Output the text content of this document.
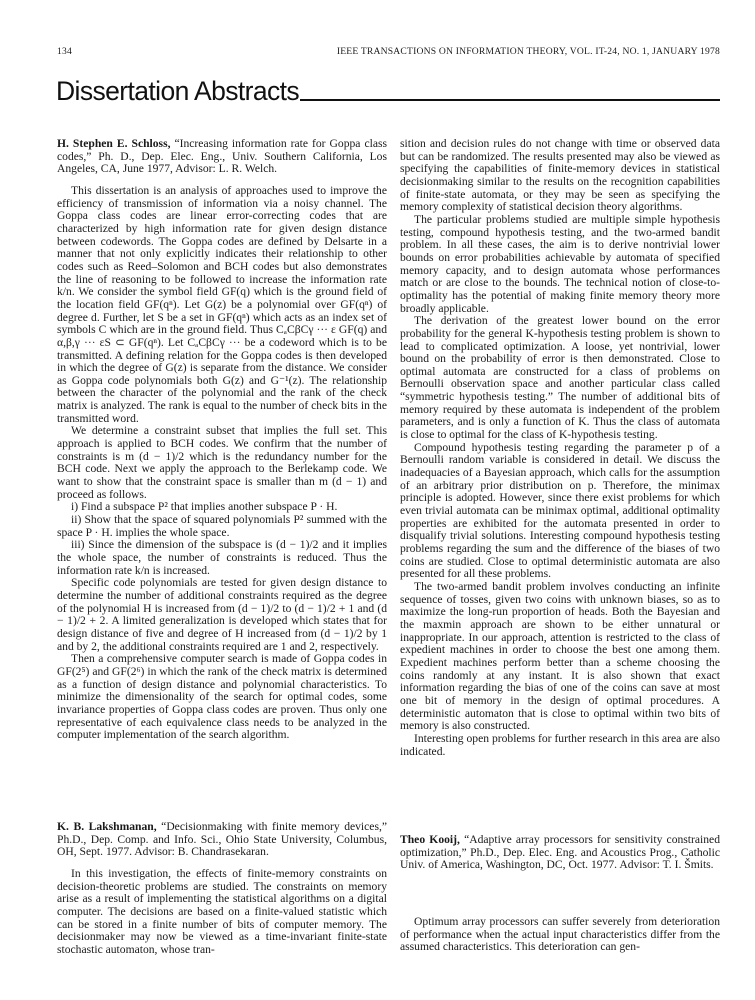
134	IEEE TRANSACTIONS ON INFORMATION THEORY, VOL. IT-24, NO. 1, JANUARY 1978
Dissertation Abstracts

H. Stephen E. Schloss, “Increasing information rate for Goppa class codes,” Ph. D., Dep. Elec. Eng., Univ. Southern California, Los Angeles, CA, June 1977, Advisor: L. R. Welch.

This dissertation is an analysis of approaches used to improve the efficiency of transmission of information via a noisy channel. The Goppa class codes are linear error-correcting codes that are characterized by high information rate for given design distance between codewords. The Goppa codes are defined by Delsarte in a manner that not only explicitly indicates their relationship to other codes such as Reed–Solomon and BCH codes but also demonstrates the line of reasoning to be followed to increase the information rate k/n. We consider the symbol field GF(q) which is the ground field of the location field GF(qⁿ). Let G(z) be a polynomial over GF(qⁿ) of degree d. Further, let S be a set in GF(qⁿ) which acts as an index set of symbols C which are in the ground field. Thus CₐCβCγ ··· ε GF(q) and α,β,γ ··· εS ⊂ GF(qⁿ). Let CₐCβCγ ··· be a codeword which is to be transmitted. A defining relation for the Goppa codes is then developed in which the degree of G(z) is separate from the distance. We consider as Goppa code polynomials both G(z) and G⁻¹(z). The relationship between the character of the polynomial and the rank of the check matrix is analyzed. The rank is equal to the number of check bits in the transmitted word.

We determine a constraint subset that implies the full set. This approach is applied to BCH codes. We confirm that the number of constraints is m (d − 1)/2 which is the redundancy number for the BCH code. Next we apply the approach to the Berlekamp code. We want to show that the constraint space is smaller than m (d − 1) and proceed as follows.

i) Find a subspace P² that implies another subspace P · H.

ii) Show that the space of squared polynomials P² summed with the space P · H. implies the whole space.

iii) Since the dimension of the subspace is (d − 1)/2 and it implies the whole space, the number of constraints is reduced. Thus the information rate k/n is increased.

Specific code polynomials are tested for given design distance to determine the number of additional constraints required as the degree of the polynomial H is increased from (d − 1)/2 to (d − 1)/2 + 1 and (d − 1)/2 + 2. A limited generalization is developed which states that for design distance of five and degree of H increased from (d − 1)/2 by 1 and by 2, the additional constraints required are 1 and 2, respectively.

Then a comprehensive computer search is made of Goppa codes in GF(2⁵) and GF(2⁶) in which the rank of the check matrix is determined as a function of design distance and polynomial characteristics. To minimize the dimensionality of the search for optimal codes, some invariance properties of Goppa class codes are proven. Thus only one representative of each equivalence class needs to be analyzed in the computer implementation of the search algorithm.

K. B. Lakshmanan, “Decisionmaking with finite memory devices,” Ph.D., Dep. Comp. and Info. Sci., Ohio State University, Columbus, OH, Sept. 1977. Advisor: B. Chandrasekaran.

In this investigation, the effects of finite-memory constraints on decision-theoretic problems are studied. The constraints on memory arise as a result of implementing the statistical algorithms on a digital computer. The decisions are based on a finite-valued statistic which can be stored in a finite number of bits of computer memory. The decisionmaker may now be viewed as a time-invariant finite-state stochastic automaton, whose tran-

sition and decision rules do not change with time or observed data but can be randomized. The results presented may also be viewed as specifying the capabilities of finite-memory devices in statistical decisionmaking similar to the results on the recognition capabilities of finite-state automata, or they may be seen as specifying the memory complexity of statistical decision theory algorithms.

The particular problems studied are multiple simple hypothesis testing, compound hypothesis testing, and the two-armed bandit problem. In all these cases, the aim is to derive nontrivial lower bounds on error probabilities achievable by automata of specified memory capacity, and to design automata whose performances match or are close to the bounds. The technical notion of close-to-optimality has the potential of making finite memory theory more broadly applicable.

The derivation of the greatest lower bound on the error probability for the general K-hypothesis testing problem is shown to lead to complicated optimization. A loose, yet nontrivial, lower bound on the probability of error is then demonstrated. Close to optimal automata are constructed for a class of problems on Bernoulli observation space and another particular class called “symmetric hypothesis testing.” The number of additional bits of memory required by these automata is independent of the problem parameters, and is only a function of K. Thus the class of automata is close to optimal for the class of K-hypothesis testing.

Compound hypothesis testing regarding the parameter p of a Bernoulli random variable is considered in detail. We discuss the inadequacies of a Bayesian approach, which calls for the assumption of an arbitrary prior distribution on p. Therefore, the minimax principle is adopted. However, since there exist problems for which even trivial automata can be minimax optimal, additional optimality properties are exhibited for the automata presented in order to disqualify trivial solutions. Interesting compound hypothesis testing problems regarding the sum and the difference of the biases of two coins are studied. Close to optimal deterministic automata are also presented for all these problems.

The two-armed bandit problem involves conducting an infinite sequence of tosses, given two coins with unknown biases, so as to maximize the long-run proportion of heads. Both the Bayesian and the maxmin approach are shown to be either unnatural or inappropriate. In our approach, attention is restricted to the class of expedient machines in order to choose the best one among them. Expedient machines perform better than a scheme choosing the coins randomly at any instant. It is also shown that exact information regarding the bias of one of the coins can save at most one bit of memory in the design of optimal procedures. A deterministic automaton that is close to optimal within two bits of memory is also constructed.

Interesting open problems for further research in this area are also indicated.

Theo Kooij, “Adaptive array processors for sensitivity constrained optimization,” Ph.D., Dep. Elec. Eng. and Acoustics Prog., Catholic Univ. of America, Washington, DC, Oct. 1977. Advisor: T. I. Šmits.

Optimum array processors can suffer severely from deterioration of performance when the actual input characteristics differ from the assumed characteristics. This deterioration can gen-
